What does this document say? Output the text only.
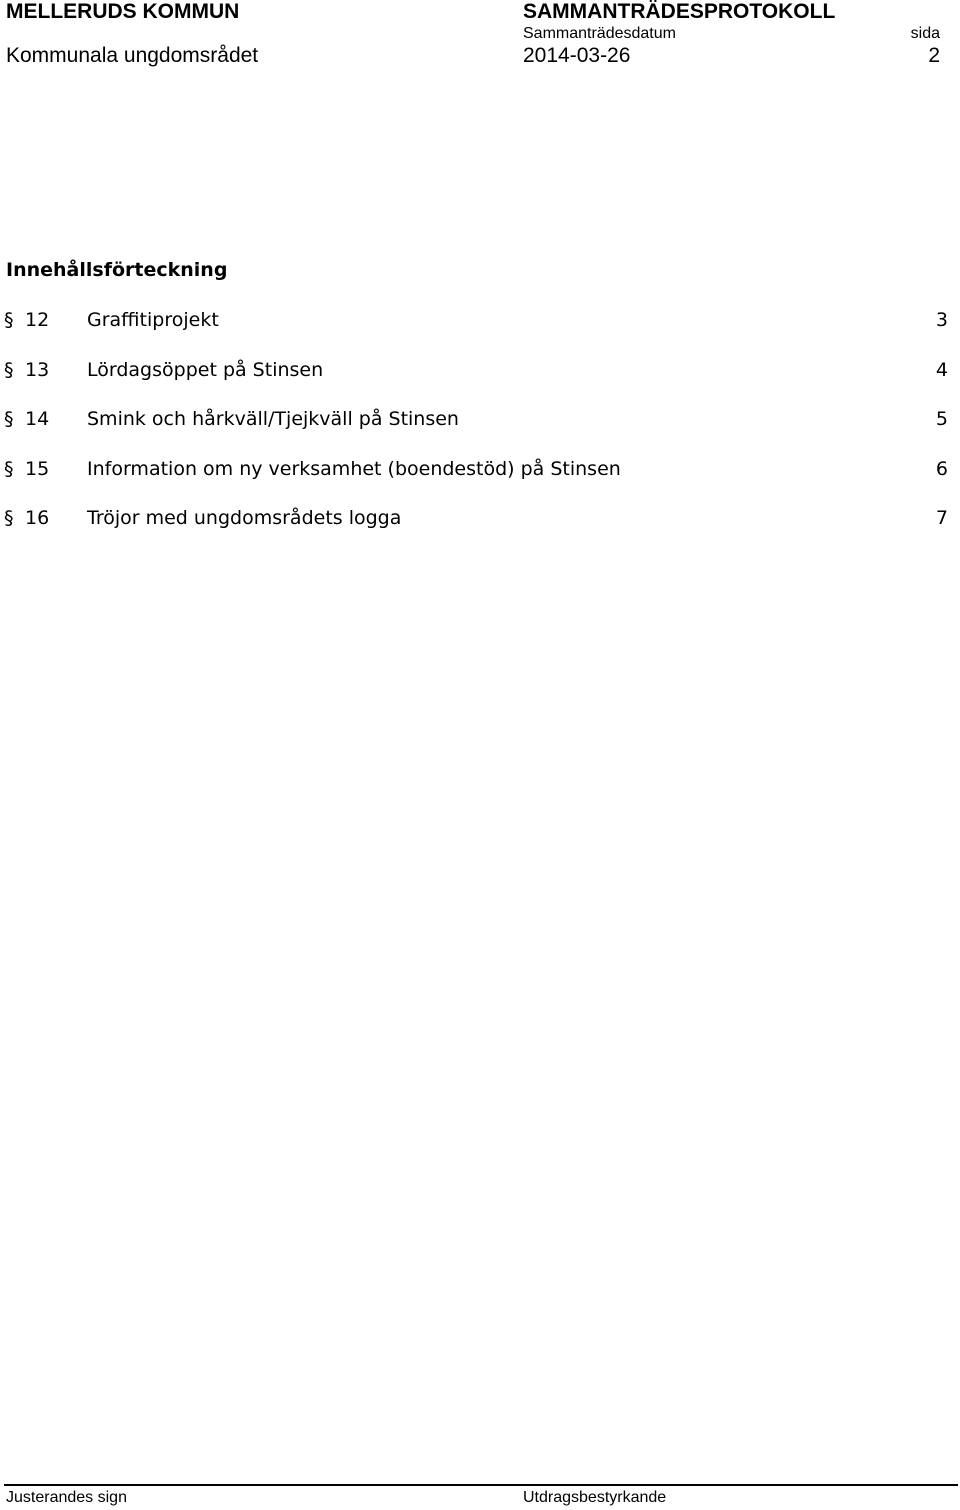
MELLERUDS KOMMUN	SAMMANTRÄDESPROTOKOLL
Sammanträdesdatum	sida
Kommunala ungdomsrådet	2014-03-26	2
Innehållsförteckning
§ 12 Graffitiprojekt	3
§ 13 Lördagsöppet på Stinsen	4
§ 14 Smink och hårkväll/Tjejkväll på Stinsen	5
§ 15 Information om ny verksamhet (boendestöd) på Stinsen	6
§ 16 Tröjor med ungdomsrådets logga	7
Justerandes sign	Utdragsbestyrkande
